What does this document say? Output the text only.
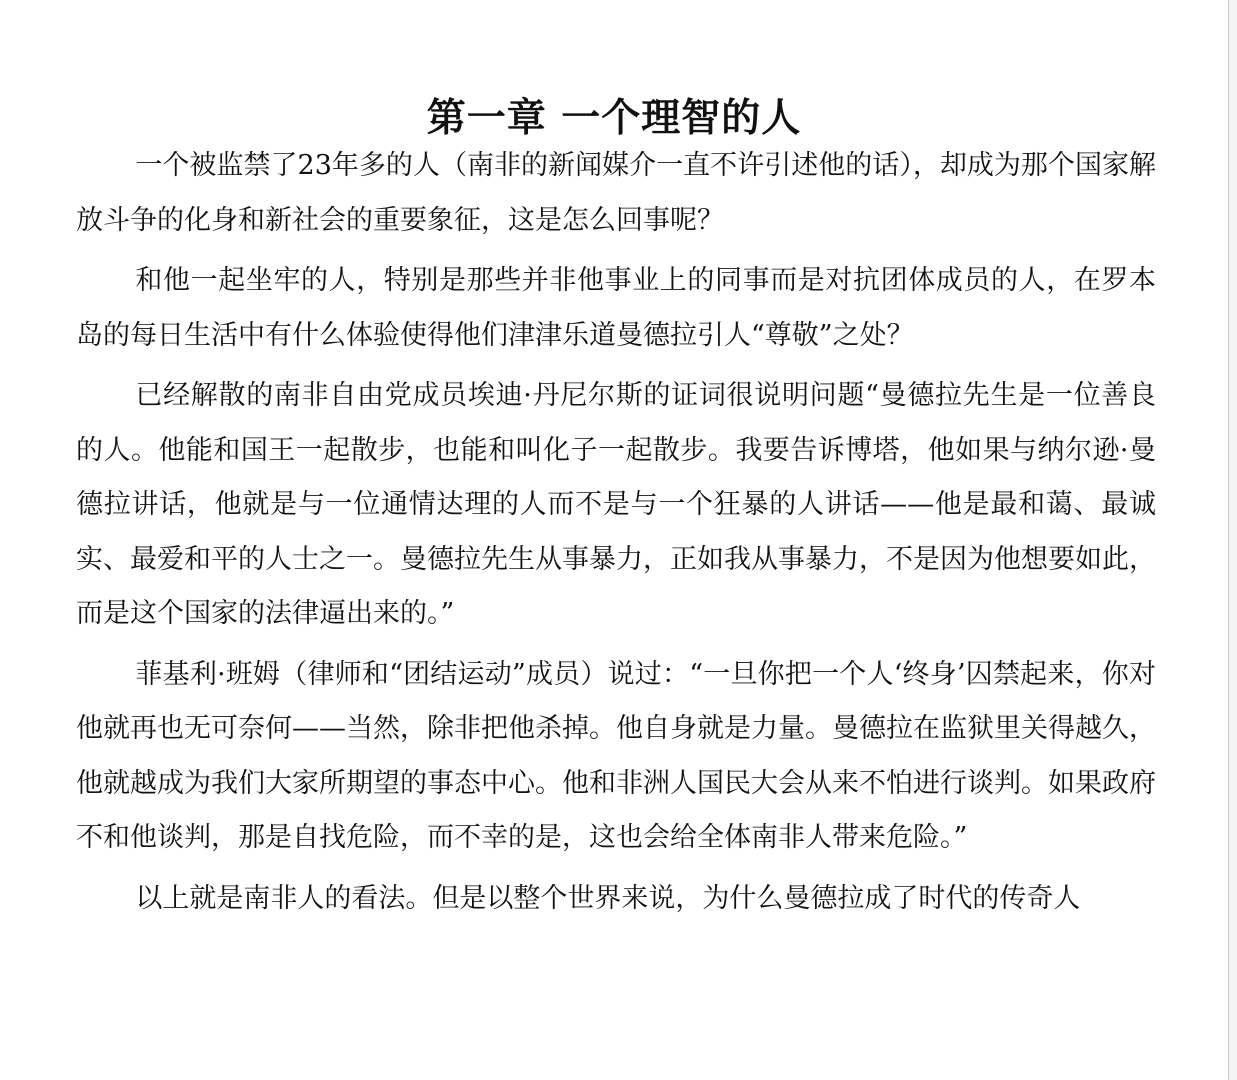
第一章 一个理智的人

一个被监禁了23年多的人（南非的新闻媒介一直不许引述他的话），却成为那个国家解放斗争的化身和新社会的重要象征，这是怎么回事呢？

和他一起坐牢的人，特别是那些并非他事业上的同事而是对抗团体成员的人，在罗本岛的每日生活中有什么体验使得他们津津乐道曼德拉引人“尊敬”之处？

已经解散的南非自由党成员埃迪·丹尼尔斯的证词很说明问题“曼德拉先生是一位善良的人。他能和国王一起散步，也能和叫化子一起散步。我要告诉博塔，他如果与纳尔逊·曼德拉讲话，他就是与一位通情达理的人而不是与一个狂暴的人讲话——他是最和蔼、最诚实、最爱和平的人士之一。曼德拉先生从事暴力，正如我从事暴力，不是因为他想要如此，而是这个国家的法律逼出来的。”

菲基利·班姆（律师和“团结运动”成员）说过：“一旦你把一个人‘终身’囚禁起来，你对他就再也无可奈何——当然，除非把他杀掉。他自身就是力量。曼德拉在监狱里关得越久，他就越成为我们大家所期望的事态中心。他和非洲人国民大会从来不怕进行谈判。如果政府不和他谈判，那是自找危险，而不幸的是，这也会给全体南非人带来危险。”

以上就是南非人的看法。但是以整个世界来说，为什么曼德拉成了时代的传奇人
